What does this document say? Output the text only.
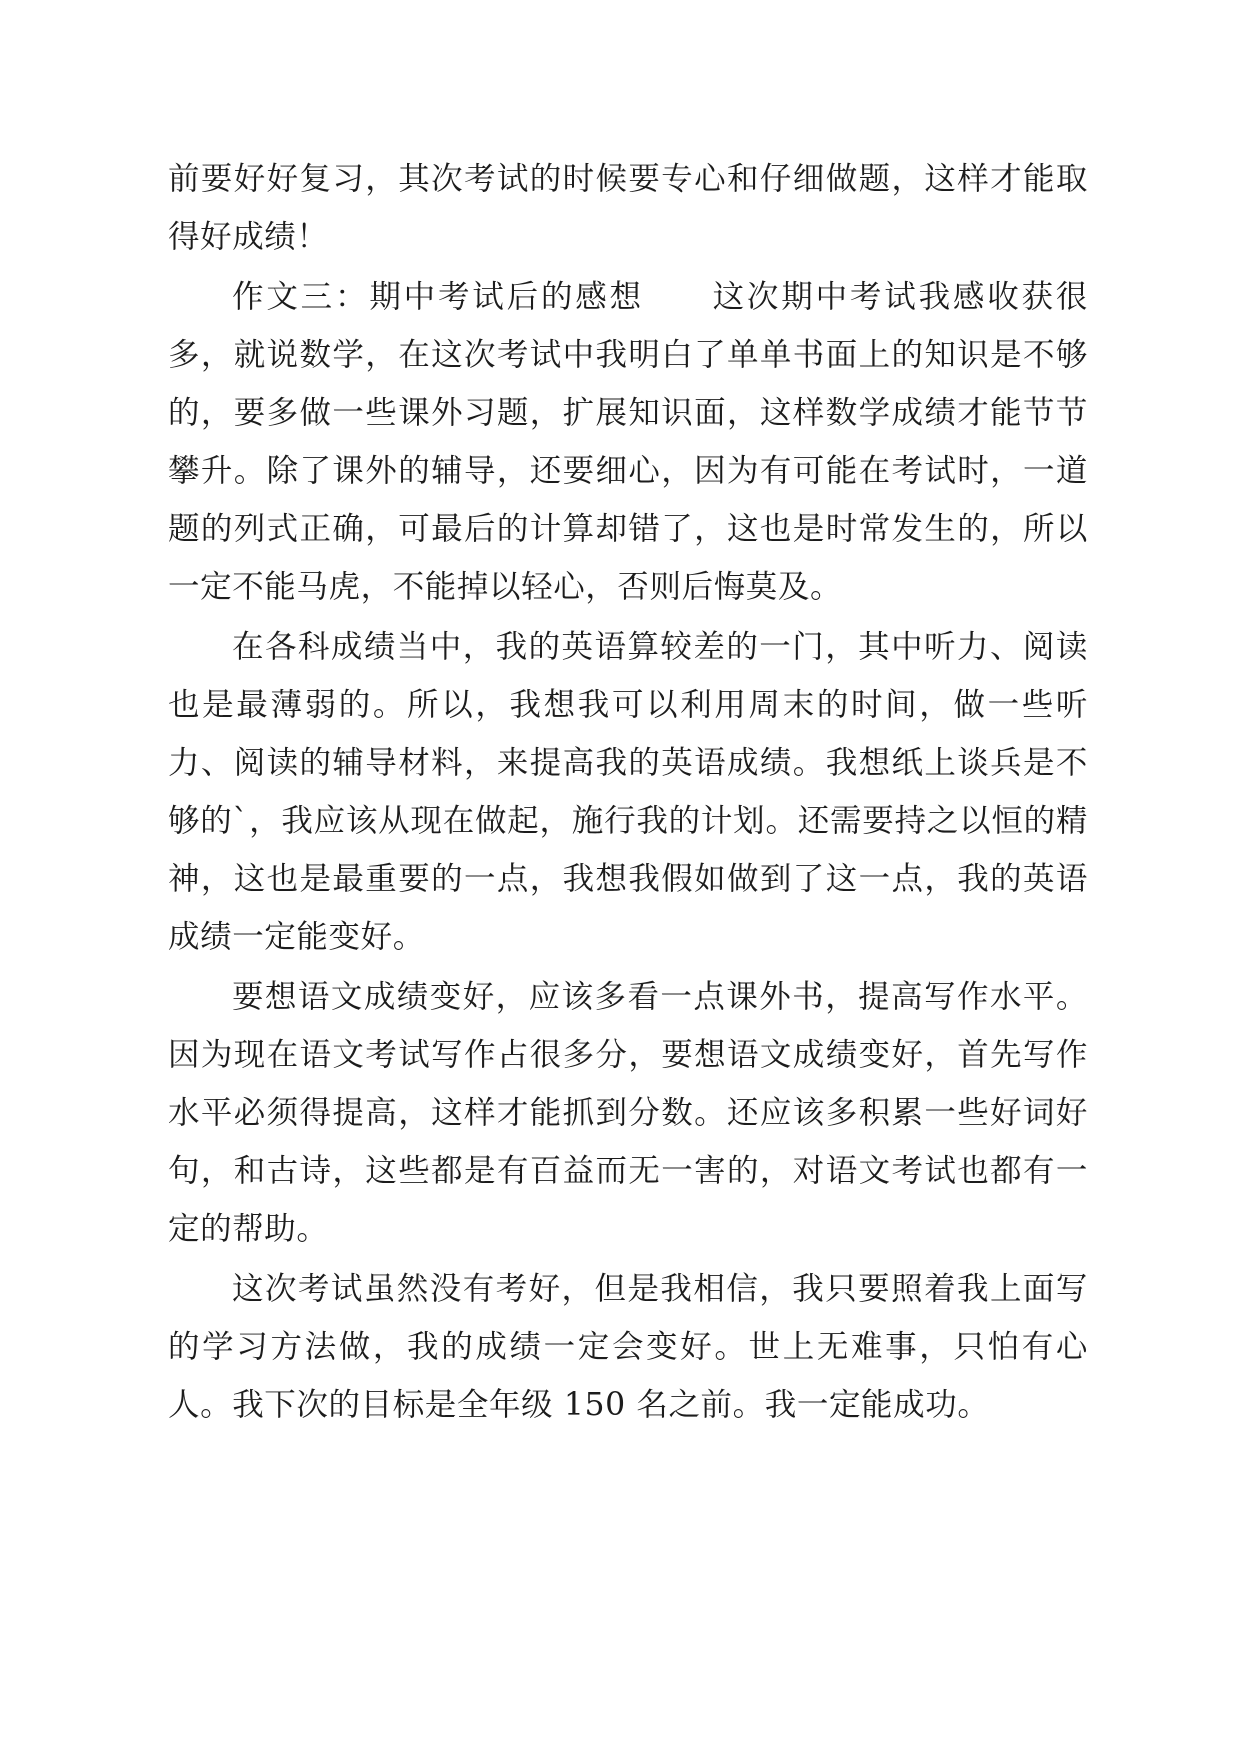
前要好好复习，其次考试的时候要专心和仔细做题，这样才能取得好成绩！

作文三：期中考试后的感想　　这次期中考试我感收获很多，就说数学，在这次考试中我明白了单单书面上的知识是不够的，要多做一些课外习题，扩展知识面，这样数学成绩才能节节攀升。除了课外的辅导，还要细心，因为有可能在考试时，一道题的列式正确，可最后的计算却错了，这也是时常发生的，所以一定不能马虎，不能掉以轻心，否则后悔莫及。

在各科成绩当中，我的英语算较差的一门，其中听力、阅读也是最薄弱的。所以，我想我可以利用周末的时间，做一些听力、阅读的辅导材料，来提高我的英语成绩。我想纸上谈兵是不够的`，我应该从现在做起，施行我的计划。还需要持之以恒的精神，这也是最重要的一点，我想我假如做到了这一点，我的英语成绩一定能变好。

要想语文成绩变好，应该多看一点课外书，提高写作水平。因为现在语文考试写作占很多分，要想语文成绩变好，首先写作水平必须得提高，这样才能抓到分数。还应该多积累一些好词好句，和古诗，这些都是有百益而无一害的，对语文考试也都有一定的帮助。

这次考试虽然没有考好，但是我相信，我只要照着我上面写的学习方法做，我的成绩一定会变好。世上无难事，只怕有心人。我下次的目标是全年级 150 名之前。我一定能成功。
